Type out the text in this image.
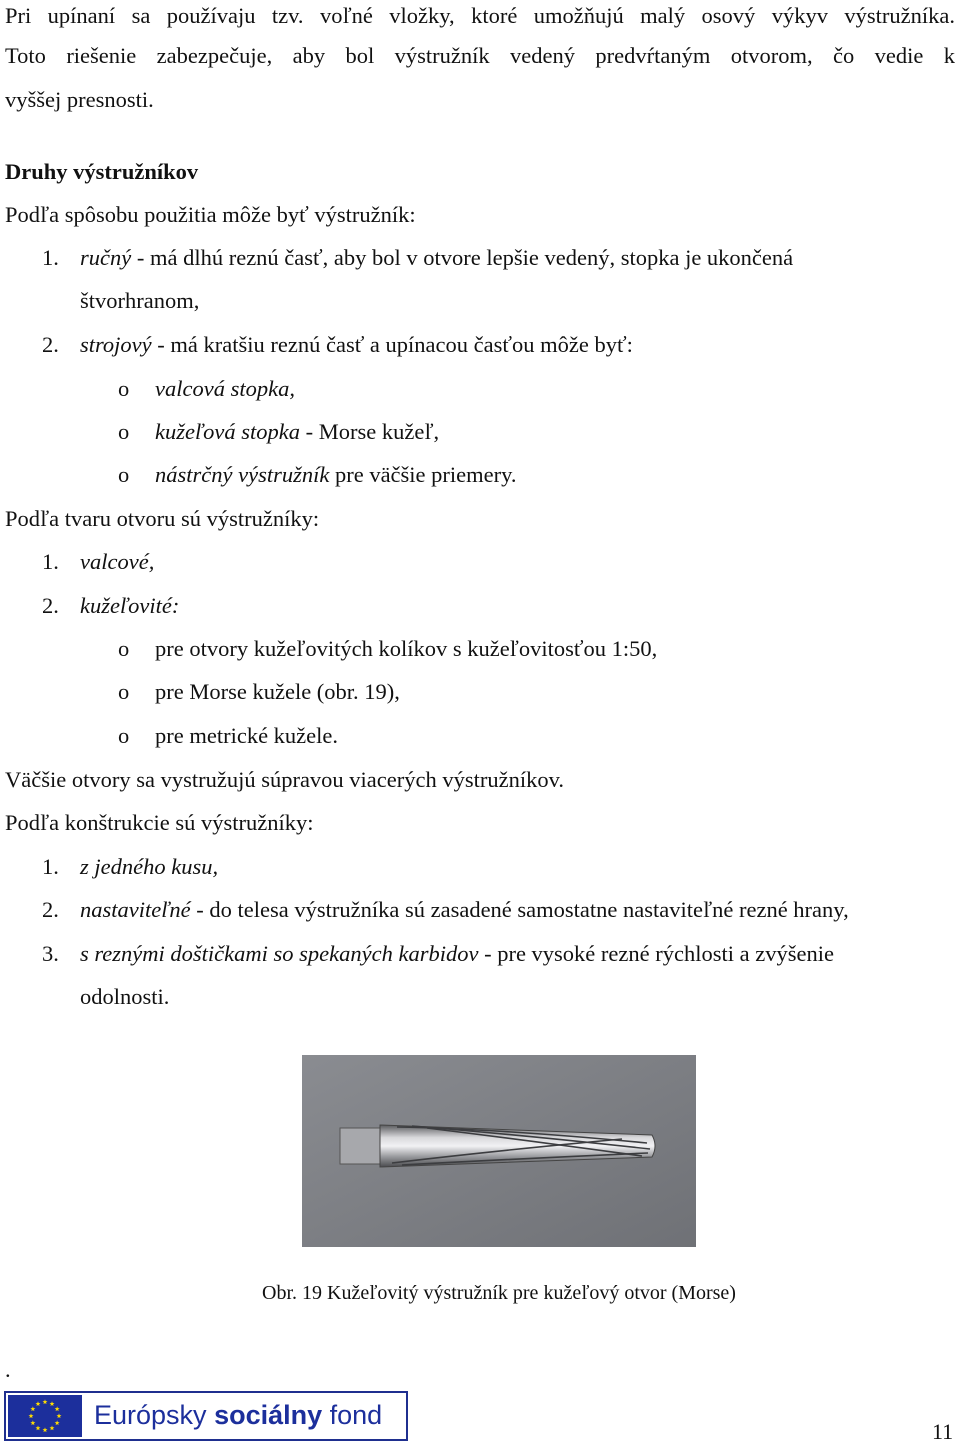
Pri upínaní sa používaju tzv. voľné vložky, ktoré umožňujú malý osový výkyv výstružníka.
Toto riešenie zabezpečuje, aby bol výstružník vedený predvŕtaným otvorom, čo vedie k
vyššej presnosti.
Druhy výstružníkov
Podľa spôsobu použitia môže byť výstružník:
1. ručný - má dlhú reznú časť, aby bol v otvore lepšie vedený, stopka je ukončená
štvorhranom,
2. strojový - má kratšiu reznú časť a upínacou časťou môže byť:
o valcová stopka,
o kužeľová stopka - Morse kužeľ,
o nástrčný výstružník pre väčšie priemery.
Podľa tvaru otvoru sú výstružníky:
1. valcové,
2. kužeľovité:
o pre otvory kužeľovitých kolíkov s kužeľovitosťou 1:50,
o pre Morse kužele (obr. 19),
o pre metrické kužele.
Väčšie otvory sa vystružujú súpravou viacerých výstružníkov.
Podľa konštrukcie sú výstružníky:
1. z jedného kusu,
2. nastaviteľné - do telesa výstružníka sú zasadené samostatne nastaviteľné rezné hrany,
3. s reznými doštičkami so spekaných karbidov - pre vysoké rezné rýchlosti a zvýšenie
odolnosti.
Obr. 19 Kužeľovitý výstružník pre kužeľový otvor (Morse)
.
Európsky sociálny fond
11
